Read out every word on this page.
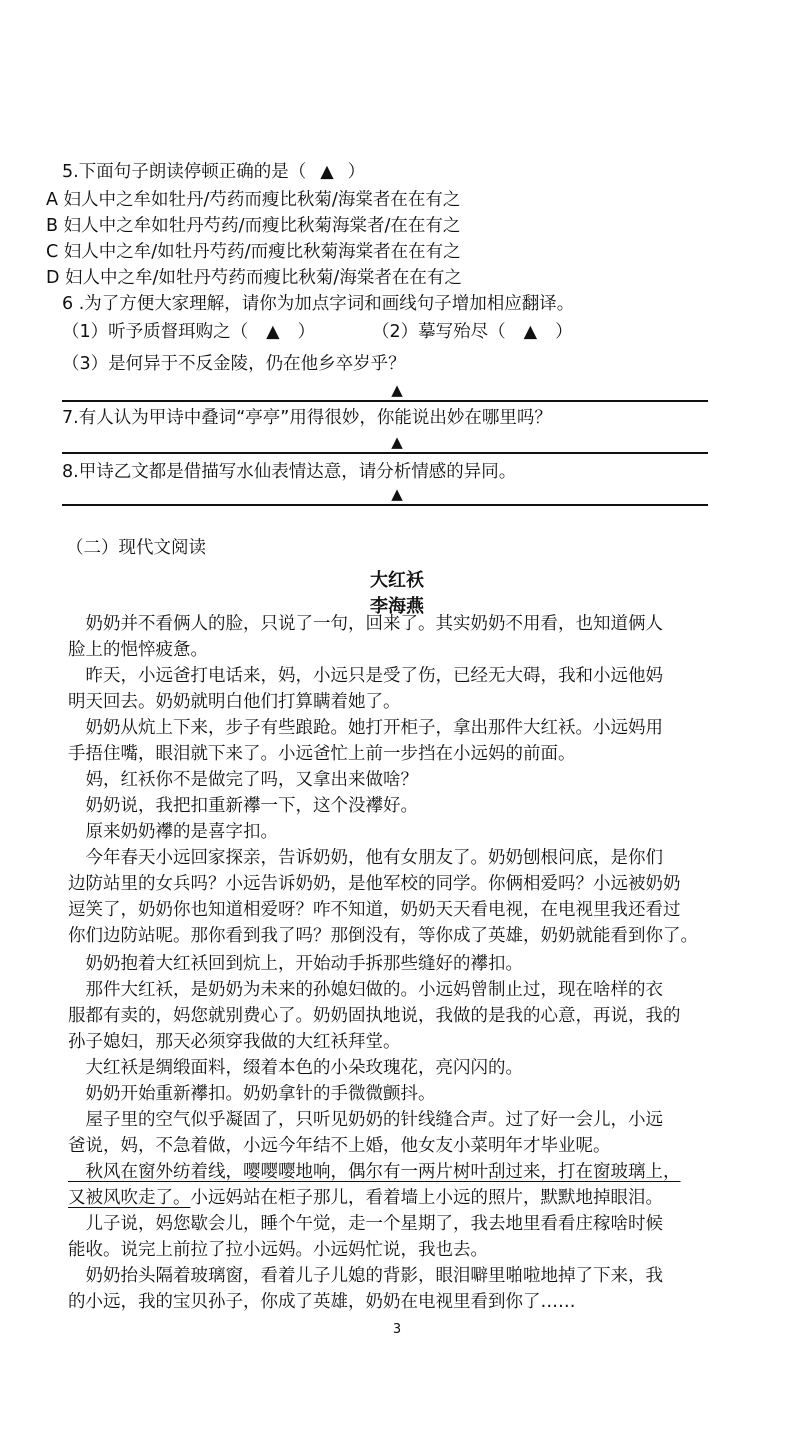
5.下面句子朗读停顿正确的是（ ▲ ）
A 妇人中之牟如牡丹/芍药而瘦比秋菊/海棠者在在有之
B 妇人中之牟如牡丹芍药/而瘦比秋菊海棠者/在在有之
C 妇人中之牟/如牡丹芍药/而瘦比秋菊海棠者在在有之
D 妇人中之牟/如牡丹芍药而瘦比秋菊/海棠者在在有之
6 .为了方便大家理解，请你为加点字词和画线句子增加相应翻译。
（1）听予质督珥购之（ ▲ ）	（2）摹写殆尽（ ▲ ）
（3）是何异于不反金陵，仍在他乡卒岁乎？
▲
7.有人认为甲诗中叠词“亭亭”用得很妙，你能说出妙在哪里吗？
▲
8.甲诗乙文都是借描写水仙表情达意，请分析情感的异同。
▲
（二）现代文阅读
大红袄
李海燕
　奶奶并不看俩人的脸，只说了一句，回来了。其实奶奶不用看，也知道俩人
脸上的悒悴疲惫。
　昨天，小远爸打电话来，妈，小远只是受了伤，已经无大碍，我和小远他妈
明天回去。奶奶就明白他们打算瞒着她了。
　奶奶从炕上下来，步子有些踉跄。她打开柜子，拿出那件大红袄。小远妈用
手捂住嘴，眼泪就下来了。小远爸忙上前一步挡在小远妈的前面。
　妈，红袄你不是做完了吗，又拿出来做啥？
　奶奶说，我把扣重新襻一下，这个没襻好。
　原来奶奶襻的是喜字扣。
　今年春天小远回家探亲，告诉奶奶，他有女朋友了。奶奶刨根问底，是你们
边防站里的女兵吗？小远告诉奶奶，是他军校的同学。你俩相爱吗？小远被奶奶
逗笑了，奶奶你也知道相爱呀？咋不知道，奶奶天天看电视，在电视里我还看过
你们边防站呢。那你看到我了吗？那倒没有，等你成了英雄，奶奶就能看到你了。
　奶奶抱着大红袄回到炕上，开始动手拆那些缝好的襻扣。
　那件大红袄，是奶奶为未来的孙媳妇做的。小远妈曾制止过，现在啥样的衣
服都有卖的，妈您就别费心了。奶奶固执地说，我做的是我的心意，再说，我的
孙子媳妇，那天必须穿我做的大红袄拜堂。
　大红袄是绸缎面料，缀着本色的小朵玫瑰花，亮闪闪的。
　奶奶开始重新襻扣。奶奶拿针的手微微颤抖。
　屋子里的空气似乎凝固了，只听见奶奶的针线缝合声。过了好一会儿，小远
爸说，妈，不急着做，小远今年结不上婚，他女友小菜明年才毕业呢。
　秋风在窗外纺着线，嘤嘤嘤地响，偶尔有一两片树叶刮过来，打在窗玻璃上，
又被风吹走了。小远妈站在柜子那儿，看着墙上小远的照片，默默地掉眼泪。
　儿子说，妈您歇会儿，睡个午觉，走一个星期了，我去地里看看庄稼啥时候
能收。说完上前拉了拉小远妈。小远妈忙说，我也去。
　奶奶抬头隔着玻璃窗，看着儿子儿媳的背影，眼泪噼里啪啦地掉了下来，我
的小远，我的宝贝孙子，你成了英雄，奶奶在电视里看到你了……
3
